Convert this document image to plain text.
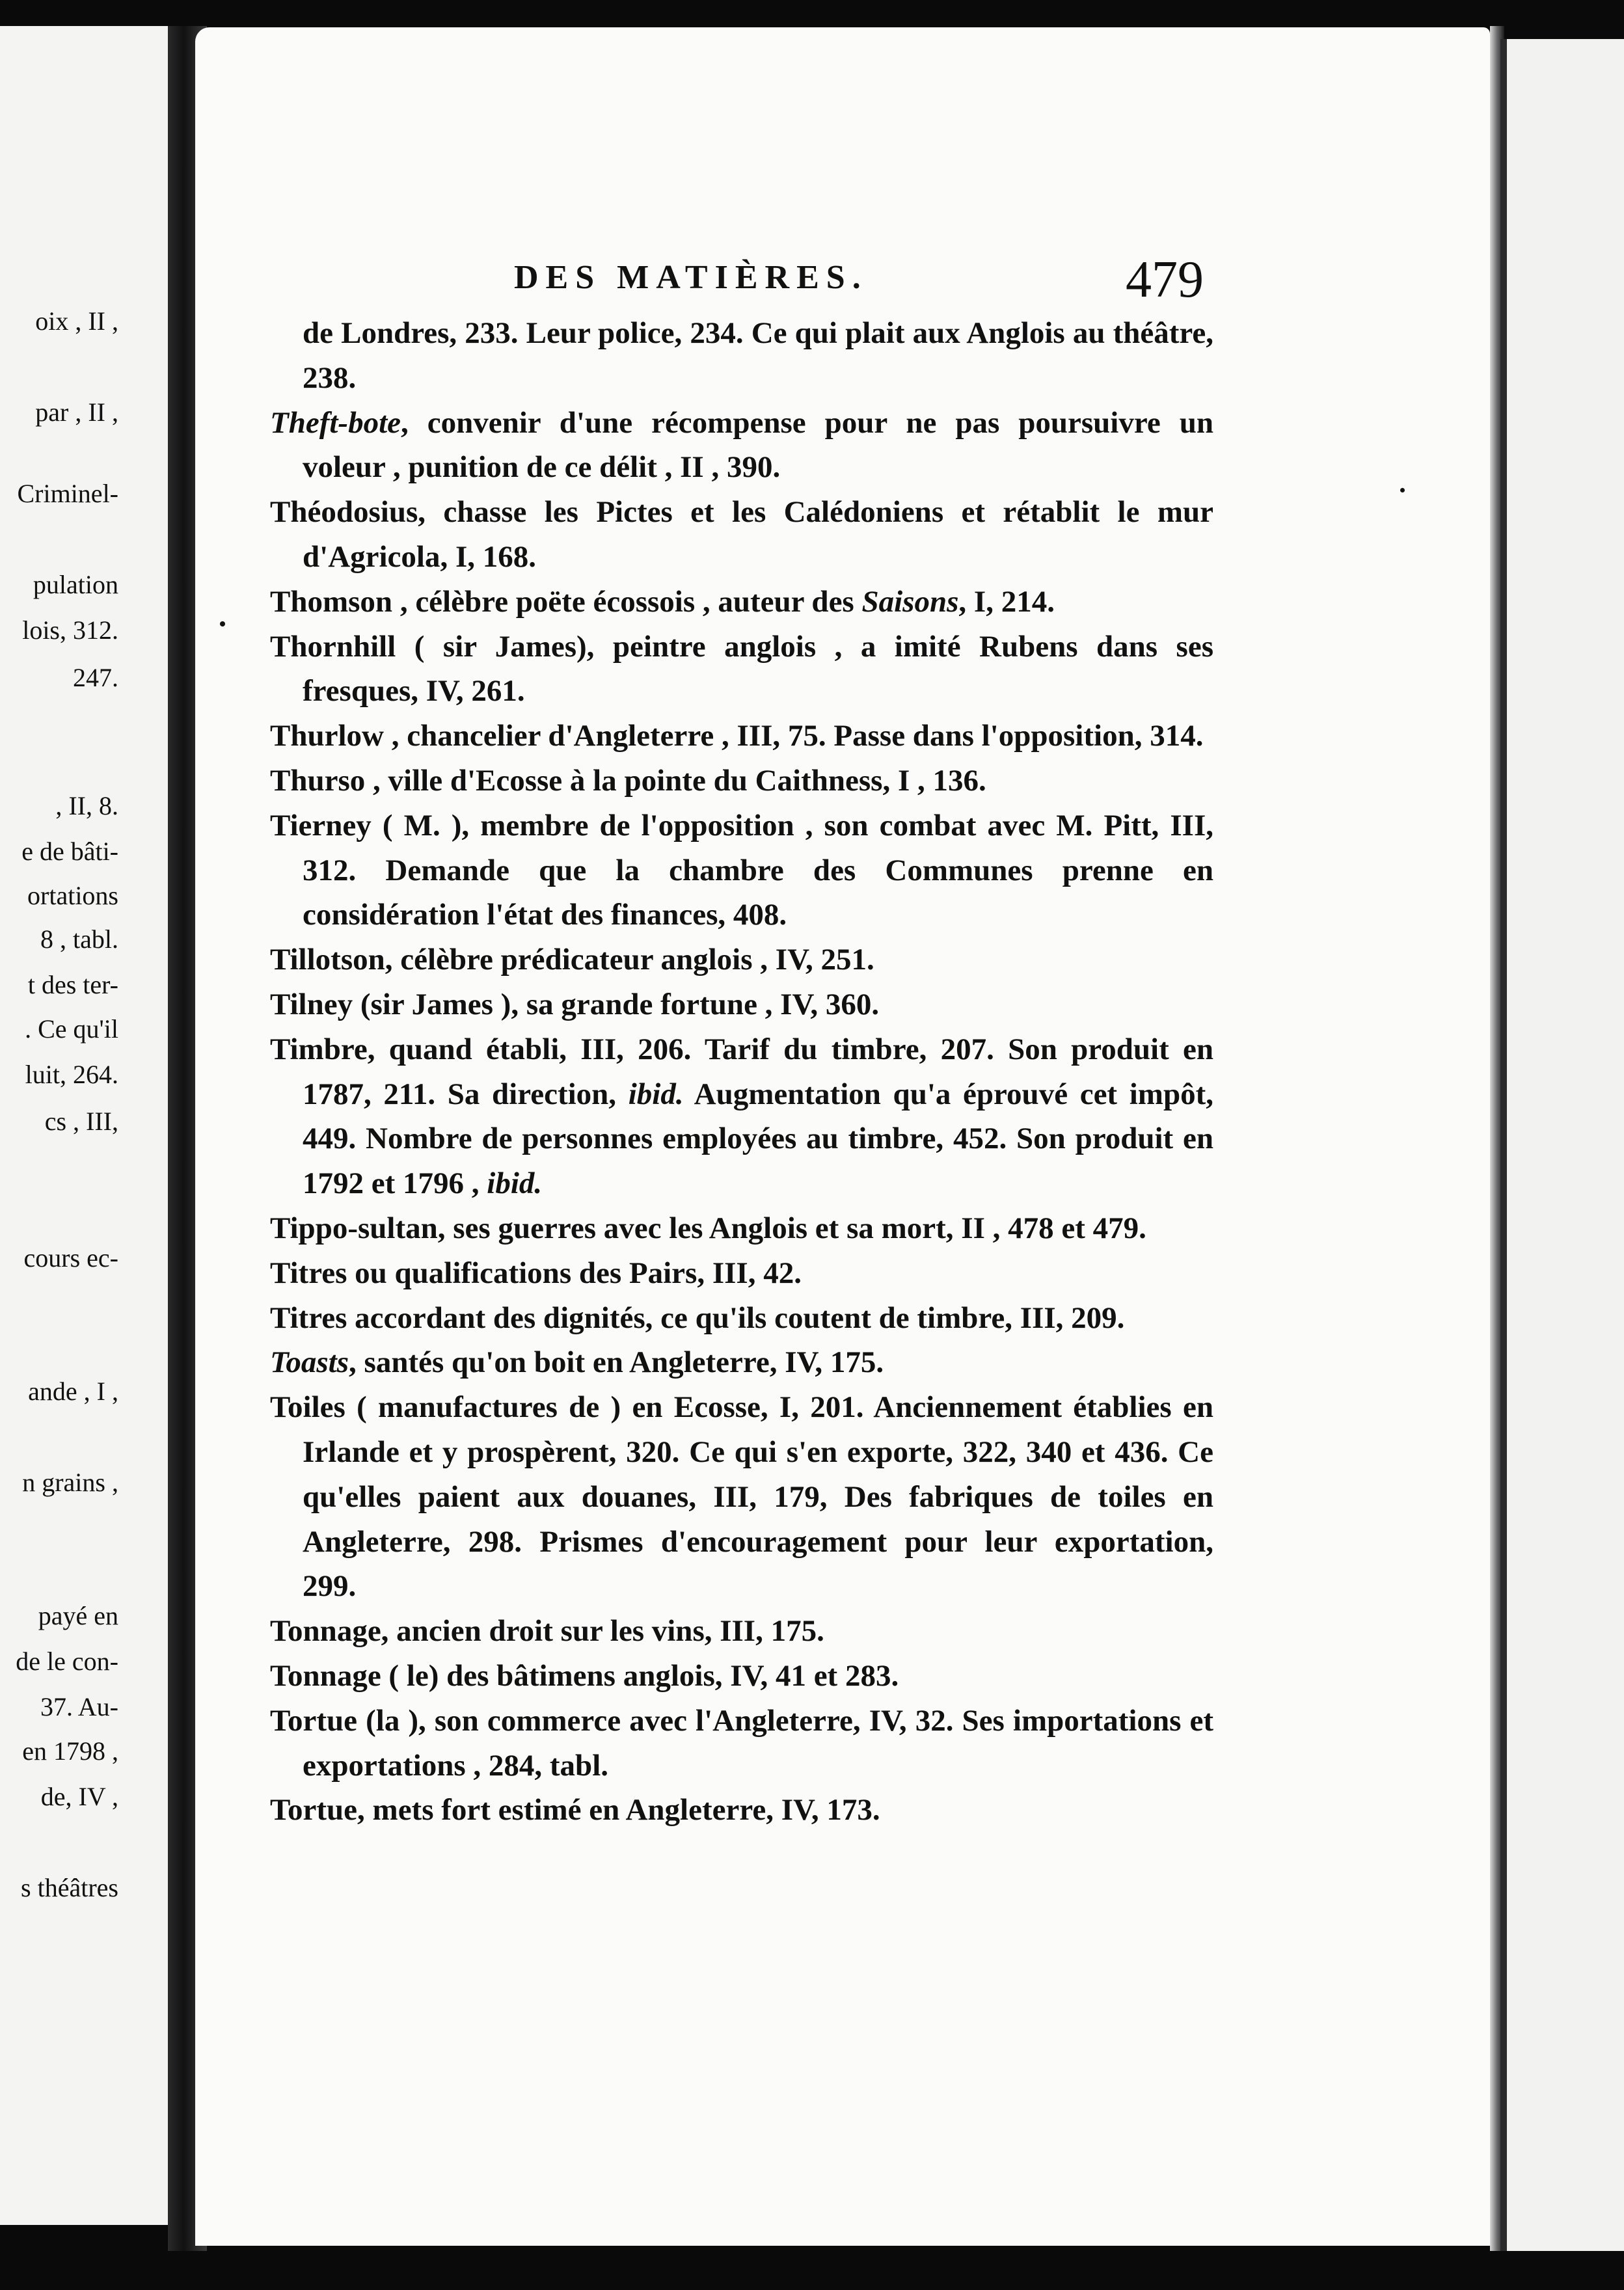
oix , II ,
par , II ,
Criminel-
pulation
lois, 312.
247.
, II, 8.
e de bâti-
ortations
8 , tabl.
t des ter-
. Ce qu'il
luit, 264.
cs , III,
cours ec-
ande , I ,
n grains ,
payé en
de le con-
37. Au-
en 1798 ,
de, IV ,
s théâtres
DES MATIÈRES.	479

de Londres, 233. Leur police, 234. Ce qui plait aux Anglois au théâtre, 238.

Theft-bote, convenir d'une récompense pour ne pas poursuivre un voleur , punition de ce délit , II , 390.

Théodosius, chasse les Pictes et les Calédoniens et rétablit le mur d'Agricola, I, 168.

Thomson , célèbre poëte écossois , auteur des Saisons, I, 214.

Thornhill ( sir James), peintre anglois , a imité Rubens dans ses fresques, IV, 261.

Thurlow , chancelier d'Angleterre , III, 75. Passe dans l'opposition, 314.

Thurso , ville d'Ecosse à la pointe du Caithness, I , 136.

Tierney ( M. ), membre de l'opposition , son combat avec M. Pitt, III, 312. Demande que la chambre des Communes prenne en considération l'état des finances, 408.

Tillotson, célèbre prédicateur anglois , IV, 251.

Tilney (sir James ), sa grande fortune , IV, 360.

Timbre, quand établi, III, 206. Tarif du timbre, 207. Son produit en 1787, 211. Sa direction, ibid. Augmentation qu'a éprouvé cet impôt, 449. Nombre de personnes employées au timbre, 452. Son produit en 1792 et 1796 , ibid.

Tippo-sultan, ses guerres avec les Anglois et sa mort, II , 478 et 479.

Titres ou qualifications des Pairs, III, 42.

Titres accordant des dignités, ce qu'ils coutent de timbre, III, 209.

Toasts, santés qu'on boit en Angleterre, IV, 175.

Toiles ( manufactures de ) en Ecosse, I, 201. Anciennement établies en Irlande et y prospèrent, 320. Ce qui s'en exporte, 322, 340 et 436. Ce qu'elles paient aux douanes, III, 179, Des fabriques de toiles en Angleterre, 298. Prismes d'encouragement pour leur exportation, 299.

Tonnage, ancien droit sur les vins, III, 175.

Tonnage ( le) des bâtimens anglois, IV, 41 et 283.

Tortue (la ), son commerce avec l'Angleterre, IV, 32. Ses importations et exportations , 284, tabl.

Tortue, mets fort estimé en Angleterre, IV, 173.
